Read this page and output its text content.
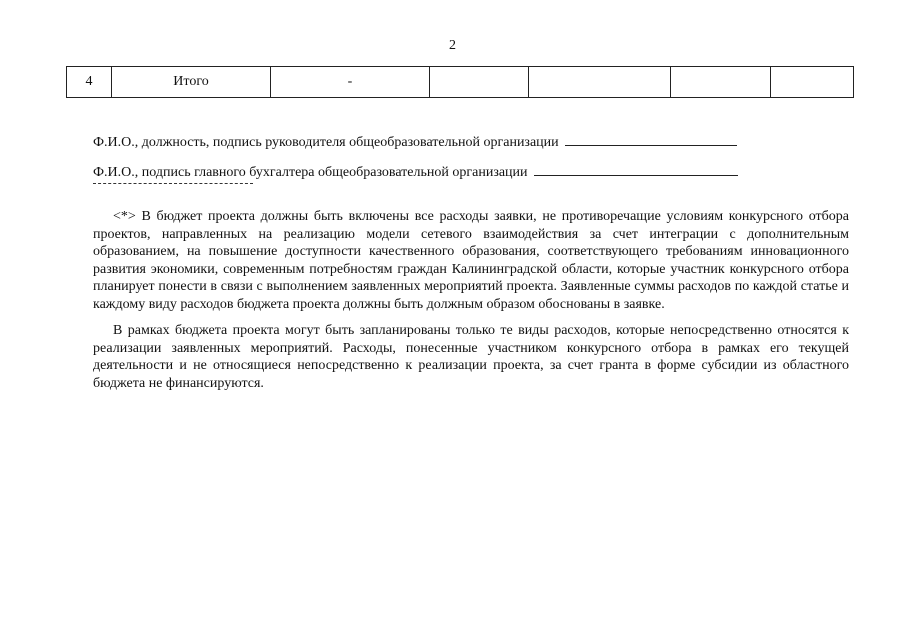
2
4	Итого	-				
Ф.И.О., должность, подпись руководителя общеобразовательной организации
Ф.И.О., подпись главного бухгалтера общеобразовательной организации

<*> В бюджет проекта должны быть включены все расходы заявки, не противоречащие условиям конкурсного отбора проектов, направленных на реализацию модели сетевого взаимодействия за счет интеграции с дополнительным образованием, на повышение доступности качественного образования, соответствующего требованиям инновационного развития экономики, современным потребностям граждан Калининградской области, которые участник конкурсного отбора планирует понести в связи с выполнением заявленных мероприятий проекта. Заявленные суммы расходов по каждой статье и каждому виду расходов бюджета проекта должны быть должным образом обоснованы в заявке.

В рамках бюджета проекта могут быть запланированы только те виды расходов, которые непосредственно относятся к реализации заявленных мероприятий. Расходы, понесенные участником конкурсного отбора в рамках его текущей деятельности и не относящиеся непосредственно к реализации проекта, за счет гранта в форме субсидии из областного бюджета не финансируются.
